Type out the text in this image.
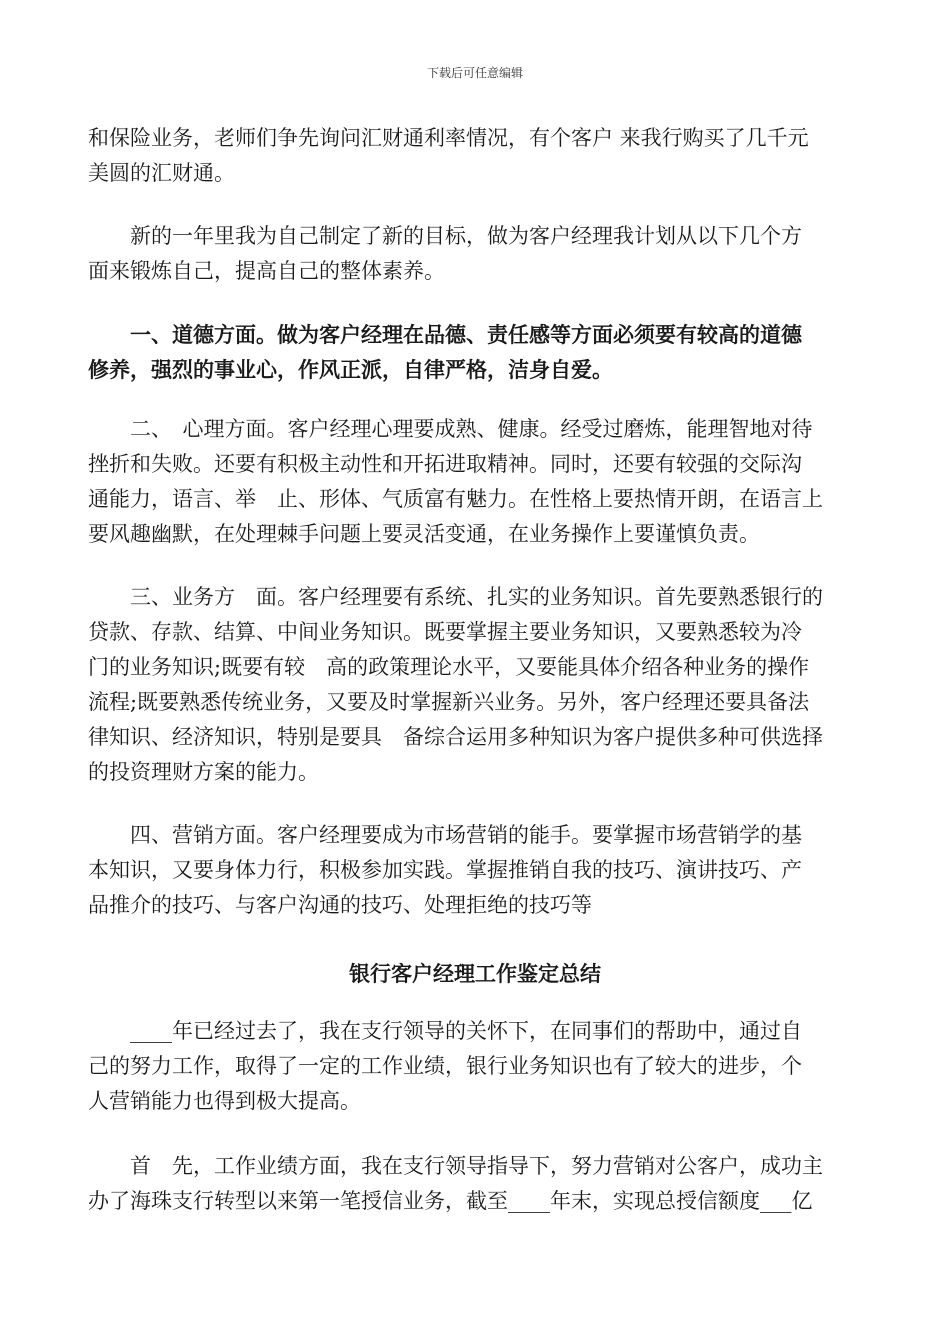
下载后可任意编辑
和保险业务，老师们争先询问汇财通利率情况，有个客户 来我行购买了几千元
美圆的汇财通。
　　新的一年里我为自己制定了新的目标，做为客户经理我计划从以下几个方
面来锻炼自己，提高自己的整体素养。
　　一、道德方面。做为客户经理在品德、责任感等方面必须要有较高的道德
修养，强烈的事业心，作风正派，自律严格，洁身自爱。
　　二、　心理方面。客户经理心理要成熟、健康。经受过磨炼，能理智地对待
挫折和失败。还要有积极主动性和开拓进取精神。同时，还要有较强的交际沟
通能力，语言、举　止、形体、气质富有魅力。在性格上要热情开朗，在语言上
要风趣幽默，在处理棘手问题上要灵活变通，在业务操作上要谨慎负责。
　　三、业务方　面。客户经理要有系统、扎实的业务知识。首先要熟悉银行的
贷款、存款、结算、中间业务知识。既要掌握主要业务知识，又要熟悉较为冷
门的业务知识;既要有较　高的政策理论水平，又要能具体介绍各种业务的操作
流程;既要熟悉传统业务，又要及时掌握新兴业务。另外，客户经理还要具备法
律知识、经济知识，特别是要具　备综合运用多种知识为客户提供多种可供选择
的投资理财方案的能力。
　　四、营销方面。客户经理要成为市场营销的能手。要掌握市场营销学的基
本知识，又要身体力行，积极参加实践。掌握推销自我的技巧、演讲技巧、产
品推介的技巧、与客户沟通的技巧、处理拒绝的技巧等
银行客户经理工作鉴定总结
　　____年已经过去了，我在支行领导的关怀下，在同事们的帮助中，通过自
己的努力工作，取得了一定的工作业绩，银行业务知识也有了较大的进步，个
人营销能力也得到极大提高。
　　首　先，工作业绩方面，我在支行领导指导下，努力营销对公客户，成功主
办了海珠支行转型以来第一笔授信业务，截至____年末，实现总授信额度___亿
